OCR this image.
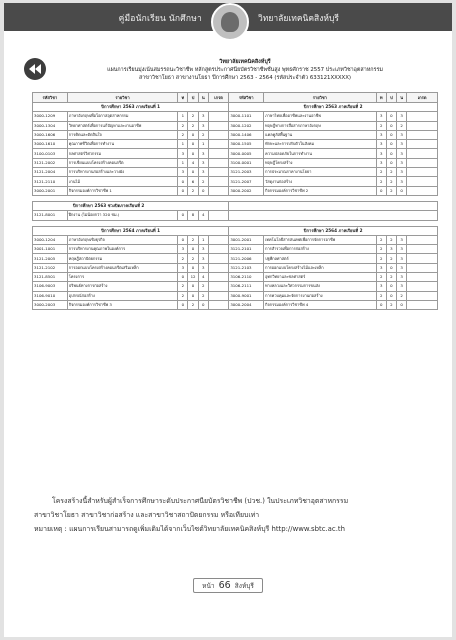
คู่มือนักเรียน นักศึกษา	วิทยาลัยเทคนิคสิงห์บุรี
วิทยาลัยเทคนิคสิงห์บุรี
แผนการเรียนมุ่งเน้นสมรรถนะวิชาชีพ หลักสูตรประกาศนียบัตรวิชาชีพชั้นสูง พุทธศักราช 2557 ประเภทวิชาอุตสาหกรรม
สาขาวิชาโยธา สาขางานโยธา ปีการศึกษา 2563 - 2564 (รหัสประจำตัว 633121XXXXX)
รหัสวิชา	รายวิชา	ท	ป	น	เกรด	รหัสวิชา	รายวิชา	ท	ป	น	เกรด
ปีการศึกษา 2563 ภาคเรียนที่ 1						ปีการศึกษา 2563 ภาคเรียนที่ 2					
3000-1209	ภาษาอังกฤษเพื่อโอกาสอุตสาหกรรม	1	2	3		3000-1101	ภาษาไทยเพื่ออาชีพและงานอาชีพ	3	0	3	
3000-1304	วิทยาศาสตร์เพื่อการแก้ปัญหาและงานอาชีพ	2	2	3		3000-1202	ทฤษฎีทางการสื่อสารภาษาอังกฤษ	2	0	2	
3000-1606	การคิดและตัดสินใจ	2	0	2		3000-1406	แคลคูลัสพื้นฐาน	3	0	3	
3000-1610	คุณภาพชีวิตเพื่อการทำงาน	1	0	1		3000-1505	ทักษะและการปรับตัวในสังคม	3	0	3	
3100-0103	กลศาสตร์วิศวกรรม	3	0	3		3000-0005	ความปลอดภัยในการทำงาน	3	0	3	
3121-2002	การเขียนแบบโครงสร้างคอนกรีต	1	4	3		3100-0001	ทฤษฎีโครงสร้าง	3	0	3	
3121-2004	การบริหารงานก่อสร้างและวางผัง	3	0	3		3121-2003	การประมาณราคางานโยธา	2	2	3	
3121-2110	งานไม้	0	6	2		3121-2007	วัสดุงานก่อสร้าง	2	2	3	
3000-2001	กิจกรรมองค์การวิชาชีพ 1	0	2	0		3000-2002	กิจกรรมองค์การวิชาชีพ 2	0	2	0	

ปีการศึกษา 2563 ช่วงปิดภาคเรียนที่ 2											
3121-8001	ฝึกงาน (ไม่น้อยกว่า 320 ชม.)	0	8	4							

ปีการศึกษา 2564 ภาคเรียนที่ 1						ปีการศึกษา 2564 ภาคเรียนที่ 2					
3000-1204	ภาษาอังกฤษเชิงธุรกิจ	0	2	1		3001-2001	เทคโนโลยีสารสนเทศเพื่อการจัดการอาชีพ	2	2	3	
3001-1001	การบริหารงานคุณภาพในองค์การ	3	0	3		3121-2101	การสำรวจเพื่อการก่อสร้าง	2	3	3	
3121-2005	ทฤษฎีสถาปัตยกรรม	2	2	3		3121-2006	ปฐพีกลศาสตร์	2	2	3	
3121-2102	การออกแบบโครงสร้างคอนกรีตเสริมเหล็ก	3	0	3		3121-2103	การออกแบบโครงสร้างไม้และเหล็ก	3	0	3	
3121-8501	โครงการ	0	12	4		3106-2110	อุทกวิทยาและชลศาสตร์	2	2	3	
3106-9003	ปริพนธ์ทางการก่อสร้าง	2	0	2		3106-2111	ทางหลวงและวิศวกรรมการขนส่ง	3	0	3	
3106-9010	อุปกรณ์ก่อสร้าง	2	0	2		3000-9001	การควบคุมและจัดการงานก่อสร้าง	2	0	2	
3000-2003	กิจกรรมองค์การวิชาชีพ 3	0	2	0		3000-2004	กิจกรรมองค์การวิชาชีพ 4	0	2	0	
โครงสร้างนี้สำหรับผู้สำเร็จการศึกษาระดับประกาศนียบัตรวิชาชีพ (ปวช.) ในประเภทวิชาอุตสาหกรรม
สาขาวิชาโยธา สาขาวิชาก่อสร้าง และสาขาวิชาสถาปัตยกรรม หรือเทียบเท่า
หมายเหตุ : แผนการเรียนสามารถดูเพิ่มเติมได้จากเว็บไซต์วิทยาลัยเทคนิคสิงห์บุรี http://www.sbtc.ac.th
หน้า 66 สิงห์บุรี
